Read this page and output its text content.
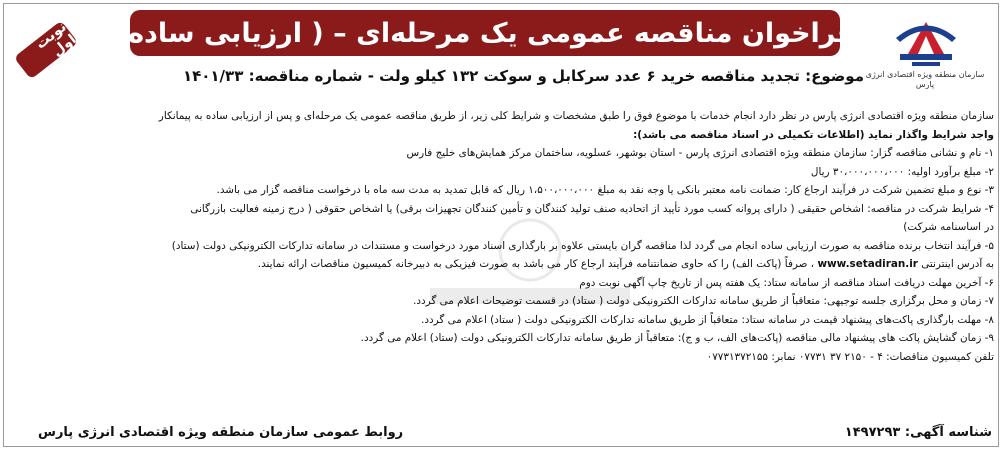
سازمان منطقه ویژه اقتصادی انرژی پارس
فراخوان مناقصه عمومی یک مرحله‌ای – ( ارزیابی ساده)
نوبت اول
موضوع: تجدید مناقصه خرید ۶ عدد سرکابل و سوکت ۱۳۲ کیلو ولت - شماره مناقصه: ۱۴۰۱/۳۳

سازمان منطقه ویژه اقتصادی انرژی پارس در نظر دارد انجام خدمات با موضوع فوق را طبق مشخصات و شرایط کلی زیر، از طریق مناقصه عمومی یک مرحله‌ای و پس از ارزیابی ساده به پیمانکار

واجد شرایط واگذار نماید (اطلاعات تکمیلی در اسناد مناقصه می باشد):

۱- نام و نشانی مناقصه گزار: سازمان منطقه ویژه اقتصادی انرژی پارس - استان بوشهر، عسلویه، ساختمان مرکز همایش‌های خلیج فارس

۲- مبلغ برآورد اولیه: ۳۰،۰۰۰،۰۰۰،۰۰۰ ریال

۳- نوع و مبلغ تضمین شرکت در فرآیند ارجاع کار: ضمانت نامه معتبر بانکی یا وجه نقد به مبلغ ۱،۵۰۰،۰۰۰،۰۰۰ ریال که قابل تمدید به مدت سه ماه با درخواست مناقصه گزار می باشد.

۴- شرایط شرکت در مناقصه: اشخاص حقیقی ( دارای پروانه کسب مورد تأیید از اتحادیه صنف تولید کنندگان و تأمین کنندگان تجهیزات برقی) یا اشخاص حقوقی ( درج زمینه فعالیت بازرگانی

در اساسنامه شرکت)

۵- فرآیند انتخاب برنده مناقصه به صورت ارزیابی ساده انجام می گردد لذا مناقصه گران بایستی علاوه بر بارگذاری اسناد مورد درخواست و مستندات در سامانه تدارکات الکترونیکی دولت (ستاد)

به آدرس اینترنتی www.setadiran.ir ، صرفاً (پاکت الف) را که حاوی ضمانتنامه فرآیند ارجاع کار می باشد به صورت فیزیکی به دبیرخانه کمیسیون مناقصات ارائه نمایند.

۶- آخرین مهلت دریافت اسناد مناقصه از سامانه ستاد: یک هفته پس از تاریخ چاپ آگهی نوبت دوم

۷- زمان و محل برگزاری جلسه توجیهی: متعاقباً از طریق سامانه تدارکات الکترونیکی دولت ( ستاد) در قسمت توضیحات اعلام می گردد.

۸- مهلت بارگذاری پاکت‌های پیشنهاد قیمت در سامانه ستاد: متعاقباً از طریق سامانه تدارکات الکترونیکی دولت ( ستاد) اعلام می گردد.

۹- زمان گشایش پاکت های پیشنهاد مالی مناقصه (پاکت‌های الف، ب و ج): متعاقباً از طریق سامانه تدارکات الکترونیکی دولت (ستاد) اعلام می گردد.

تلفن کمیسیون مناقصات: ۴ - ۲۱۵۰ ۳۷ ۰۷۷۳۱ نمابر: ۰۷۷۳۱۳۷۲۱۵۵

روابط عمومی سازمان منطقه ویژه اقتصادی انرژی پارس	شناسه آگهی: ۱۴۹۷۲۹۳
